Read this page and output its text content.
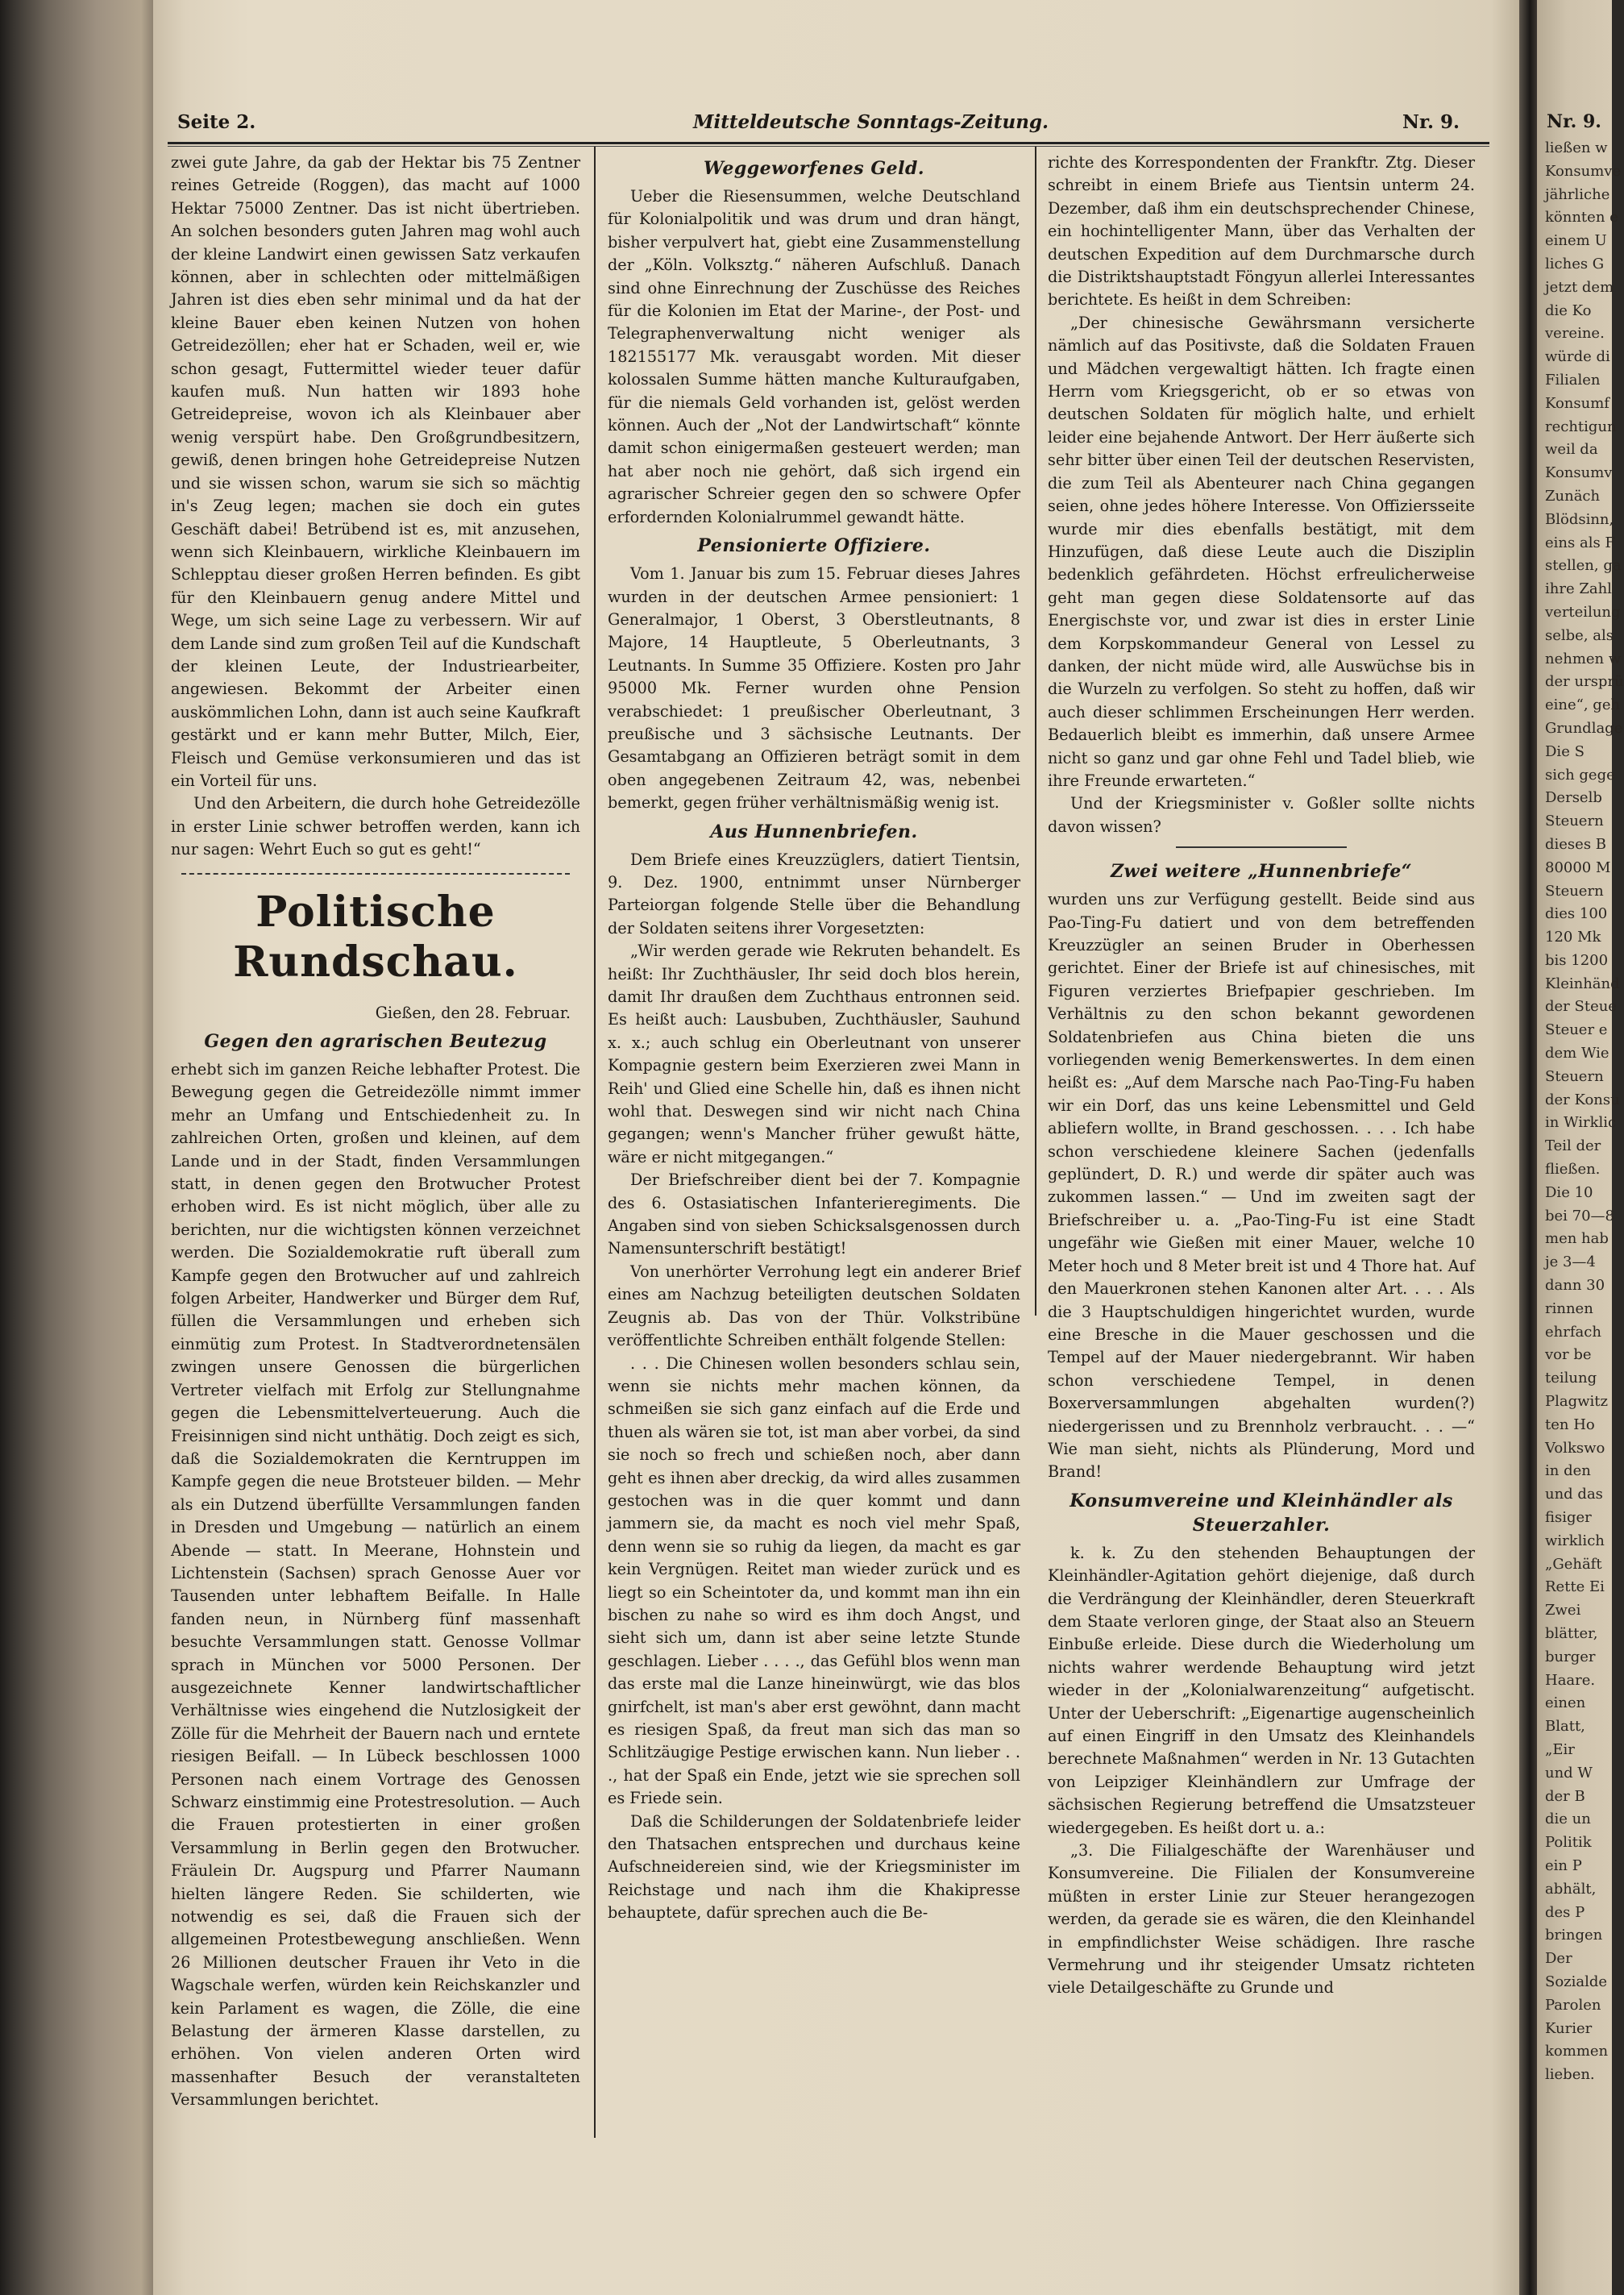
Nr. 9.
ließen w
Konsumve
jährliche
könnten e
einem U
liches G
jetzt dem
die Ko
vereine.
würde di
Filialen
Konsumf
rechtigun
weil da
Konsumv
Zunäch
Blödsinn,
eins als F
stellen, ga
ihre Zahl
verteilung
selbe, als
nehmen w
der ursprü
eine“, geh
Grundlage
Die S
sich gege
Derselb
Steuern
dieses B
80000 M
Steuern
dies 100
120 Mk
bis 1200
Kleinhänd
der Steue
Steuer e
dem Wie
Steuern
der Konsu
in Wirklic
Teil der
fließen.
Die 10
bei 70—8
men hab
je 3—4
dann 30
rinnen
ehrfach
vor be
teilung
Plagwitz
ten Ho
Volkswo
in den
und das
fisiger
wirklich
„Gehäft
Rette Ei
Zwei
blätter,
burger
Haare.
einen
Blatt,
„Eir
und W
der B
die un
Politik
ein P
abhält,
des P
bringen
Der
Sozialde
Parolen
Kurier
kommen
lieben.
Seite 2.	Mitteldeutsche Sonntags-Zeitung.	Nr. 9.

zwei gute Jahre, da gab der Hektar bis 75 Zentner reines Getreide (Roggen), das macht auf 1000 Hektar 75000 Zentner. Das ist nicht übertrieben. An solchen besonders guten Jahren mag wohl auch der kleine Landwirt einen gewissen Satz verkaufen können, aber in schlechten oder mittelmäßigen Jahren ist dies eben sehr minimal und da hat der kleine Bauer eben keinen Nutzen von hohen Getreidezöllen; eher hat er Schaden, weil er, wie schon gesagt, Futtermittel wieder teuer dafür kaufen muß. Nun hatten wir 1893 hohe Getreidepreise, wovon ich als Kleinbauer aber wenig verspürt habe. Den Großgrundbesitzern, gewiß, denen bringen hohe Getreidepreise Nutzen und sie wissen schon, warum sie sich so mächtig in's Zeug legen; machen sie doch ein gutes Geschäft dabei! Betrübend ist es, mit anzusehen, wenn sich Kleinbauern, wirkliche Kleinbauern im Schlepptau dieser großen Herren befinden. Es gibt für den Kleinbauern genug andere Mittel und Wege, um sich seine Lage zu verbessern. Wir auf dem Lande sind zum großen Teil auf die Kundschaft der kleinen Leute, der Industriearbeiter, angewiesen. Bekommt der Arbeiter einen auskömmlichen Lohn, dann ist auch seine Kaufkraft gestärkt und er kann mehr Butter, Milch, Eier, Fleisch und Gemüse verkonsumieren und das ist ein Vorteil für uns.

Und den Arbeitern, die durch hohe Getreidezölle in erster Linie schwer betroffen werden, kann ich nur sagen: Wehrt Euch so gut es geht!“

Politische Rundschau.

Gießen, den 28. Februar.

Gegen den agrarischen Beutezug

erhebt sich im ganzen Reiche lebhafter Protest. Die Bewegung gegen die Getreidezölle nimmt immer mehr an Umfang und Entschiedenheit zu. In zahlreichen Orten, großen und kleinen, auf dem Lande und in der Stadt, finden Versammlungen statt, in denen gegen den Brotwucher Protest erhoben wird. Es ist nicht möglich, über alle zu berichten, nur die wichtigsten können verzeichnet werden. Die Sozialdemokratie ruft überall zum Kampfe gegen den Brotwucher auf und zahlreich folgen Arbeiter, Handwerker und Bürger dem Ruf, füllen die Versammlungen und erheben sich einmütig zum Protest. In Stadtverordnetensälen zwingen unsere Genossen die bürgerlichen Vertreter vielfach mit Erfolg zur Stellungnahme gegen die Lebensmittelverteuerung. Auch die Freisinnigen sind nicht unthätig. Doch zeigt es sich, daß die Sozialdemokraten die Kerntruppen im Kampfe gegen die neue Brotsteuer bilden. — Mehr als ein Dutzend überfüllte Versammlungen fanden in Dresden und Umgebung — natürlich an einem Abende — statt. In Meerane, Hohnstein und Lichtenstein (Sachsen) sprach Genosse Auer vor Tausenden unter lebhaftem Beifalle. In Halle fanden neun, in Nürnberg fünf massenhaft besuchte Versammlungen statt. Genosse Vollmar sprach in München vor 5000 Personen. Der ausgezeichnete Kenner landwirtschaftlicher Verhältnisse wies eingehend die Nutzlosigkeit der Zölle für die Mehrheit der Bauern nach und erntete riesigen Beifall. — In Lübeck beschlossen 1000 Personen nach einem Vortrage des Genossen Schwarz einstimmig eine Protestresolution. — Auch die Frauen protestierten in einer großen Versammlung in Berlin gegen den Brotwucher. Fräulein Dr. Augspurg und Pfarrer Naumann hielten längere Reden. Sie schilderten, wie notwendig es sei, daß die Frauen sich der allgemeinen Protestbewegung anschließen. Wenn 26 Millionen deutscher Frauen ihr Veto in die Wagschale werfen, würden kein Reichskanzler und kein Parlament es wagen, die Zölle, die eine Belastung der ärmeren Klasse darstellen, zu erhöhen. Von vielen anderen Orten wird massenhafter Besuch der veranstalteten Versammlungen berichtet.

Weggeworfenes Geld.

Ueber die Riesensummen, welche Deutschland für Kolonialpolitik und was drum und dran hängt, bisher verpulvert hat, giebt eine Zusammenstellung der „Köln. Volksztg.“ näheren Aufschluß. Danach sind ohne Einrechnung der Zuschüsse des Reiches für die Kolonien im Etat der Marine-, der Post- und Telegraphenverwaltung nicht weniger als 182155177 Mk. verausgabt worden. Mit dieser kolossalen Summe hätten manche Kulturaufgaben, für die niemals Geld vorhanden ist, gelöst werden können. Auch der „Not der Landwirtschaft“ könnte damit schon einigermaßen gesteuert werden; man hat aber noch nie gehört, daß sich irgend ein agrarischer Schreier gegen den so schwere Opfer erfordernden Kolonialrummel gewandt hätte.

Pensionierte Offiziere.

Vom 1. Januar bis zum 15. Februar dieses Jahres wurden in der deutschen Armee pensioniert: 1 Generalmajor, 1 Oberst, 3 Oberstleutnants, 8 Majore, 14 Hauptleute, 5 Oberleutnants, 3 Leutnants. In Summe 35 Offiziere. Kosten pro Jahr 95000 Mk. Ferner wurden ohne Pension verabschiedet: 1 preußischer Oberleutnant, 3 preußische und 3 sächsische Leutnants. Der Gesamtabgang an Offizieren beträgt somit in dem oben angegebenen Zeitraum 42, was, nebenbei bemerkt, gegen früher verhältnismäßig wenig ist.

Aus Hunnenbriefen.

Dem Briefe eines Kreuzzüglers, datiert Tientsin, 9. Dez. 1900, entnimmt unser Nürnberger Parteiorgan folgende Stelle über die Behandlung der Soldaten seitens ihrer Vorgesetzten:

„Wir werden gerade wie Rekruten behandelt. Es heißt: Ihr Zuchthäusler, Ihr seid doch blos herein, damit Ihr draußen dem Zuchthaus entronnen seid. Es heißt auch: Lausbuben, Zuchthäusler, Sauhund x. x.; auch schlug ein Oberleutnant von unserer Kompagnie gestern beim Exerzieren zwei Mann in Reih' und Glied eine Schelle hin, daß es ihnen nicht wohl that. Deswegen sind wir nicht nach China gegangen; wenn's Mancher früher gewußt hätte, wäre er nicht mitgegangen.“

Der Briefschreiber dient bei der 7. Kompagnie des 6. Ostasiatischen Infanterieregiments. Die Angaben sind von sieben Schicksalsgenossen durch Namensunterschrift bestätigt!

Von unerhörter Verrohung legt ein anderer Brief eines am Nachzug beteiligten deutschen Soldaten Zeugnis ab. Das von der Thür. Volkstribüne veröffentlichte Schreiben enthält folgende Stellen:

. . . Die Chinesen wollen besonders schlau sein, wenn sie nichts mehr machen können, da schmeißen sie sich ganz einfach auf die Erde und thuen als wären sie tot, ist man aber vorbei, da sind sie noch so frech und schießen noch, aber dann geht es ihnen aber dreckig, da wird alles zusammen gestochen was in die quer kommt und dann jammern sie, da macht es noch viel mehr Spaß, denn wenn sie so ruhig da liegen, da macht es gar kein Vergnügen. Reitet man wieder zurück und es liegt so ein Scheintoter da, und kommt man ihn ein bischen zu nahe so wird es ihm doch Angst, und sieht sich um, dann ist aber seine letzte Stunde geschlagen. Lieber . . . ., das Gefühl blos wenn man das erste mal die Lanze hineinwürgt, wie das blos gnirfchelt, ist man's aber erst gewöhnt, dann macht es riesigen Spaß, da freut man sich das man so Schlitzäugige Pestige erwischen kann. Nun lieber . . ., hat der Spaß ein Ende, jetzt wie sie sprechen soll es Friede sein.

Daß die Schilderungen der Soldatenbriefe leider den Thatsachen entsprechen und durchaus keine Aufschneidereien sind, wie der Kriegsminister im Reichstage und nach ihm die Khakipresse behauptete, dafür sprechen auch die Be-

richte des Korrespondenten der Frankftr. Ztg. Dieser schreibt in einem Briefe aus Tientsin unterm 24. Dezember, daß ihm ein deutschsprechender Chinese, ein hochintelligenter Mann, über das Verhalten der deutschen Expedition auf dem Durchmarsche durch die Distriktshauptstadt Föngyun allerlei Interessantes berichtete. Es heißt in dem Schreiben:

„Der chinesische Gewährsmann versicherte nämlich auf das Positivste, daß die Soldaten Frauen und Mädchen vergewaltigt hätten. Ich fragte einen Herrn vom Kriegsgericht, ob er so etwas von deutschen Soldaten für möglich halte, und erhielt leider eine bejahende Antwort. Der Herr äußerte sich sehr bitter über einen Teil der deutschen Reservisten, die zum Teil als Abenteurer nach China gegangen seien, ohne jedes höhere Interesse. Von Offiziersseite wurde mir dies ebenfalls bestätigt, mit dem Hinzufügen, daß diese Leute auch die Disziplin bedenklich gefährdeten. Höchst erfreulicherweise geht man gegen diese Soldatensorte auf das Energischste vor, und zwar ist dies in erster Linie dem Korpskommandeur General von Lessel zu danken, der nicht müde wird, alle Auswüchse bis in die Wurzeln zu verfolgen. So steht zu hoffen, daß wir auch dieser schlimmen Erscheinungen Herr werden. Bedauerlich bleibt es immerhin, daß unsere Armee nicht so ganz und gar ohne Fehl und Tadel blieb, wie ihre Freunde erwarteten.“

Und der Kriegsminister v. Goßler sollte nichts davon wissen?

Zwei weitere „Hunnenbriefe“

wurden uns zur Verfügung gestellt. Beide sind aus Pao-Ting-Fu datiert und von dem betreffenden Kreuzzügler an seinen Bruder in Oberhessen gerichtet. Einer der Briefe ist auf chinesisches, mit Figuren verziertes Briefpapier geschrieben. Im Verhältnis zu den schon bekannt gewordenen Soldatenbriefen aus China bieten die uns vorliegenden wenig Bemerkenswertes. In dem einen heißt es: „Auf dem Marsche nach Pao-Ting-Fu haben wir ein Dorf, das uns keine Lebensmittel und Geld abliefern wollte, in Brand geschossen. . . . Ich habe schon verschiedene kleinere Sachen (jedenfalls geplündert, D. R.) und werde dir später auch was zukommen lassen.“ — Und im zweiten sagt der Briefschreiber u. a. „Pao-Ting-Fu ist eine Stadt ungefähr wie Gießen mit einer Mauer, welche 10 Meter hoch und 8 Meter breit ist und 4 Thore hat. Auf den Mauerkronen stehen Kanonen alter Art. . . . Als die 3 Hauptschuldigen hingerichtet wurden, wurde eine Bresche in die Mauer geschossen und die Tempel auf der Mauer niedergebrannt. Wir haben schon verschiedene Tempel, in denen Boxerversammlungen abgehalten wurden(?) niedergerissen und zu Brennholz verbraucht. . . —“ Wie man sieht, nichts als Plünderung, Mord und Brand!

Konsumvereine und Kleinhändler als Steuerzahler.

k. k. Zu den stehenden Behauptungen der Kleinhändler-Agitation gehört diejenige, daß durch die Verdrängung der Kleinhändler, deren Steuerkraft dem Staate verloren ginge, der Staat also an Steuern Einbuße erleide. Diese durch die Wiederholung um nichts wahrer werdende Behauptung wird jetzt wieder in der „Kolonialwarenzeitung“ aufgetischt. Unter der Ueberschrift: „Eigenartige augenscheinlich auf einen Eingriff in den Umsatz des Kleinhandels berechnete Maßnahmen“ werden in Nr. 13 Gutachten von Leipziger Kleinhändlern zur Umfrage der sächsischen Regierung betreffend die Umsatzsteuer wiedergegeben. Es heißt dort u. a.:

„3. Die Filialgeschäfte der Warenhäuser und Konsumvereine. Die Filialen der Konsumvereine müßten in erster Linie zur Steuer herangezogen werden, da gerade sie es wären, die den Kleinhandel in empfindlichster Weise schädigen. Ihre rasche Vermehrung und ihr steigender Umsatz richteten viele Detailgeschäfte zu Grunde und
